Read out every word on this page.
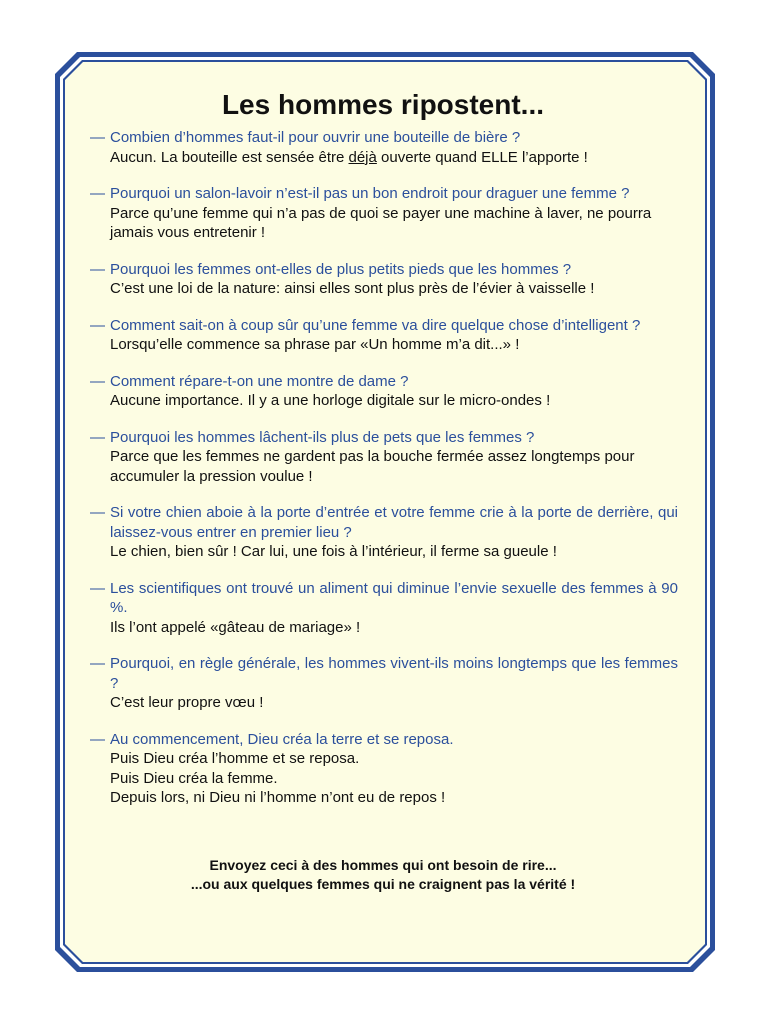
Les hommes ripostent...
— Combien d’hommes faut-il pour ouvrir une bouteille de bière ?
Aucun. La bouteille est sensée être déjà ouverte quand ELLE l’apporte !
— Pourquoi un salon-lavoir n’est-il pas un bon endroit pour draguer une femme ?
Parce qu’une femme qui n’a pas de quoi se payer une machine à laver, ne pourra jamais vous entretenir !
— Pourquoi les femmes ont-elles de plus petits pieds que les hommes ?
C’est une loi de la nature: ainsi elles sont plus près de l’évier à vaisselle !
— Comment sait-on à coup sûr qu’une femme va dire quelque chose d’intelligent ?
Lorsqu’elle commence sa phrase par «Un homme m’a dit...» !
— Comment répare-t-on une montre de dame ?
Aucune importance. Il y a une horloge digitale sur le micro-ondes !
— Pourquoi les hommes lâchent-ils plus de pets que les femmes ?
Parce que les femmes ne gardent pas la bouche fermée assez longtemps pour accumuler la pression voulue !
— Si votre chien aboie à la porte d’entrée et votre femme crie à la porte de derrière, qui laissez-vous entrer en premier lieu ?
Le chien, bien sûr ! Car lui, une fois à l’intérieur, il ferme sa gueule !
— Les scientifiques ont trouvé un aliment qui diminue l’envie sexuelle des femmes à 90 %.
Ils l’ont appelé «gâteau de mariage» !
— Pourquoi, en règle générale, les hommes vivent-ils moins longtemps que les femmes ?
C’est leur propre vœu !
— Au commencement, Dieu créa la terre et se reposa.
Puis Dieu créa l’homme et se reposa.
Puis Dieu créa la femme.
Depuis lors, ni Dieu ni l’homme n’ont eu de repos !
Envoyez ceci à des hommes qui ont besoin de rire...
...ou aux quelques femmes qui ne craignent pas la vérité !
